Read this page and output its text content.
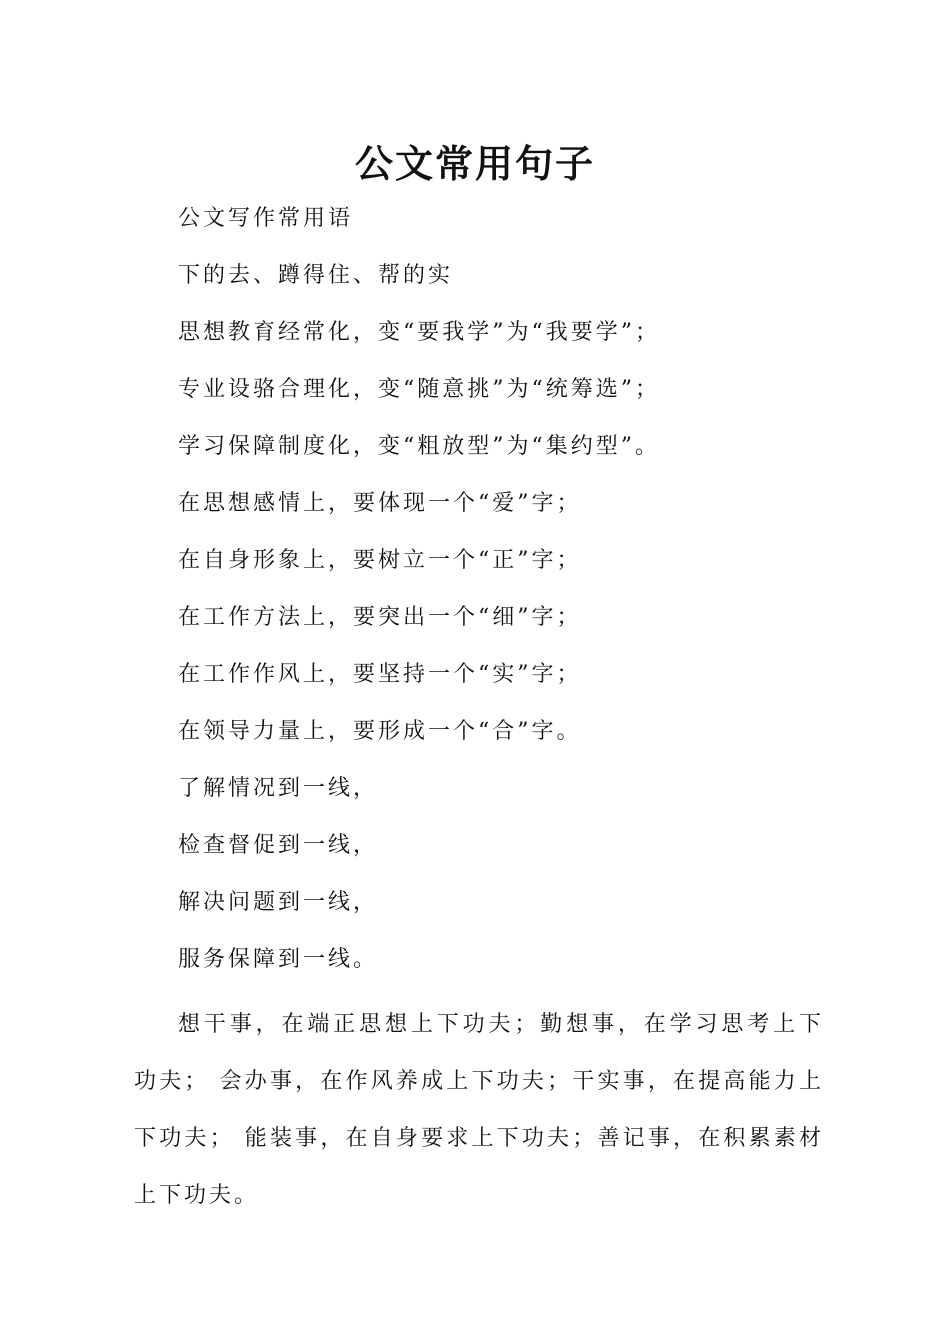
公文常用句子
公文写作常用语
下的去、蹲得住、帮的实
思想教育经常化，变“要我学”为“我要学”；
专业设骆合理化，变“随意挑”为“统筹选”；
学习保障制度化，变“粗放型”为“集约型”。
在思想感情上，要体现一个“爱”字；
在自身形象上，要树立一个“正”字；
在工作方法上，要突出一个“细”字；
在工作作风上，要坚持一个“实”字；
在领导力量上，要形成一个“合”字。
了解情况到一线，
检查督促到一线，
解决问题到一线，
服务保障到一线。
想干事，在端正思想上下功夫；勤想事，在学习思考上下功夫； 会办事，在作风养成上下功夫；干实事，在提高能力上下功夫； 能装事，在自身要求上下功夫；善记事，在积累素材上下功夫。
